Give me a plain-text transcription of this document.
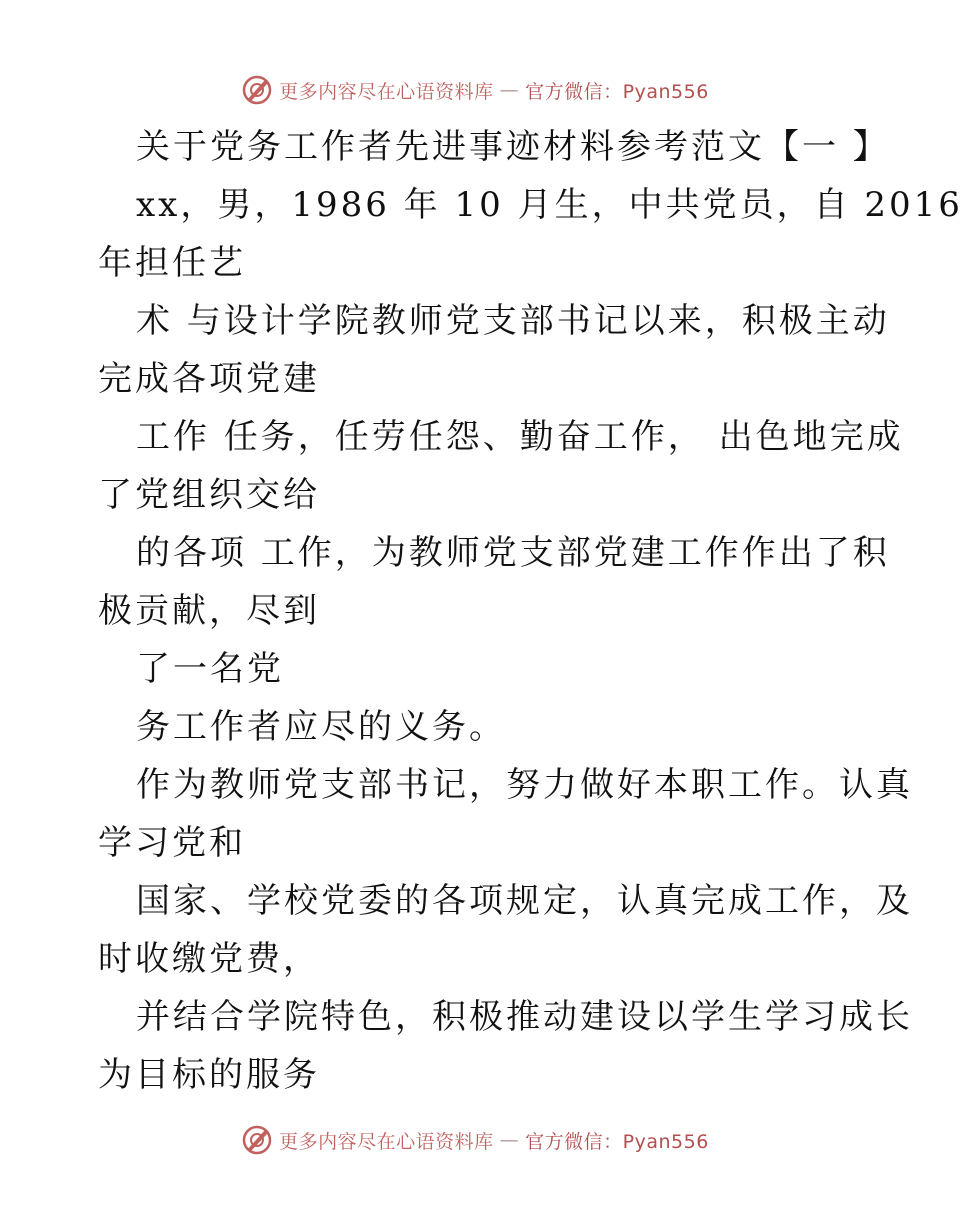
更多内容尽在心语资料库 — 官方微信：Pyan556
关于党务工作者先进事迹材料参考范文【一 】
xx，男，1986 年 10 月生，中共党员，自 2016
年担任艺
术 与设计学院教师党支部书记以来，积极主动
完成各项党建
工作 任务，任劳任怨、勤奋工作， 出色地完成
了党组织交给
的各项 工作，为教师党支部党建工作作出了积
极贡献，尽到
了一名党
务工作者应尽的义务。
作为教师党支部书记，努力做好本职工作。认真
学习党和
国家、学校党委的各项规定，认真完成工作，及
时收缴党费，
并结合学院特色，积极推动建设以学生学习成长
为目标的服务
更多内容尽在心语资料库 — 官方微信：Pyan556
